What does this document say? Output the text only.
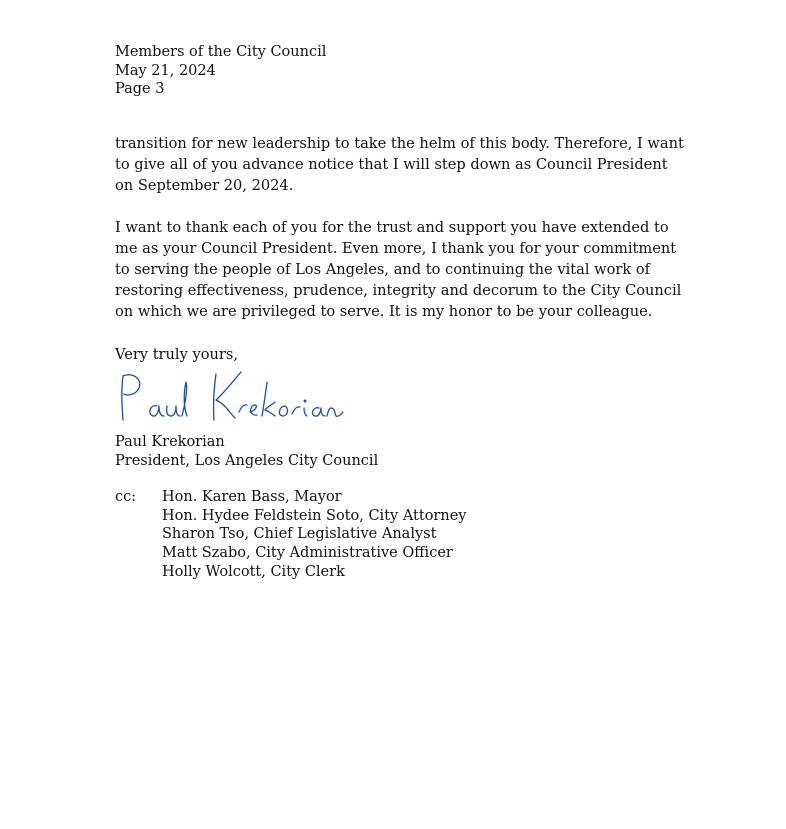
Members of the City Council
May 21, 2024
Page 3

transition for new leadership to take the helm of this body. Therefore, I want to give all of you advance notice that I will step down as Council President on September 20, 2024.

I want to thank each of you for the trust and support you have extended to me as your Council President. Even more, I thank you for your commitment to serving the people of Los Angeles, and to continuing the vital work of restoring effectiveness, prudence, integrity and decorum to the City Council on which we are privileged to serve. It is my honor to be your colleague.

Very truly yours,
Paul Krekorian
President, Los Angeles City Council
cc: Hon. Karen Bass, Mayor
Hon. Hydee Feldstein Soto, City Attorney
Sharon Tso, Chief Legislative Analyst
Matt Szabo, City Administrative Officer
Holly Wolcott, City Clerk
